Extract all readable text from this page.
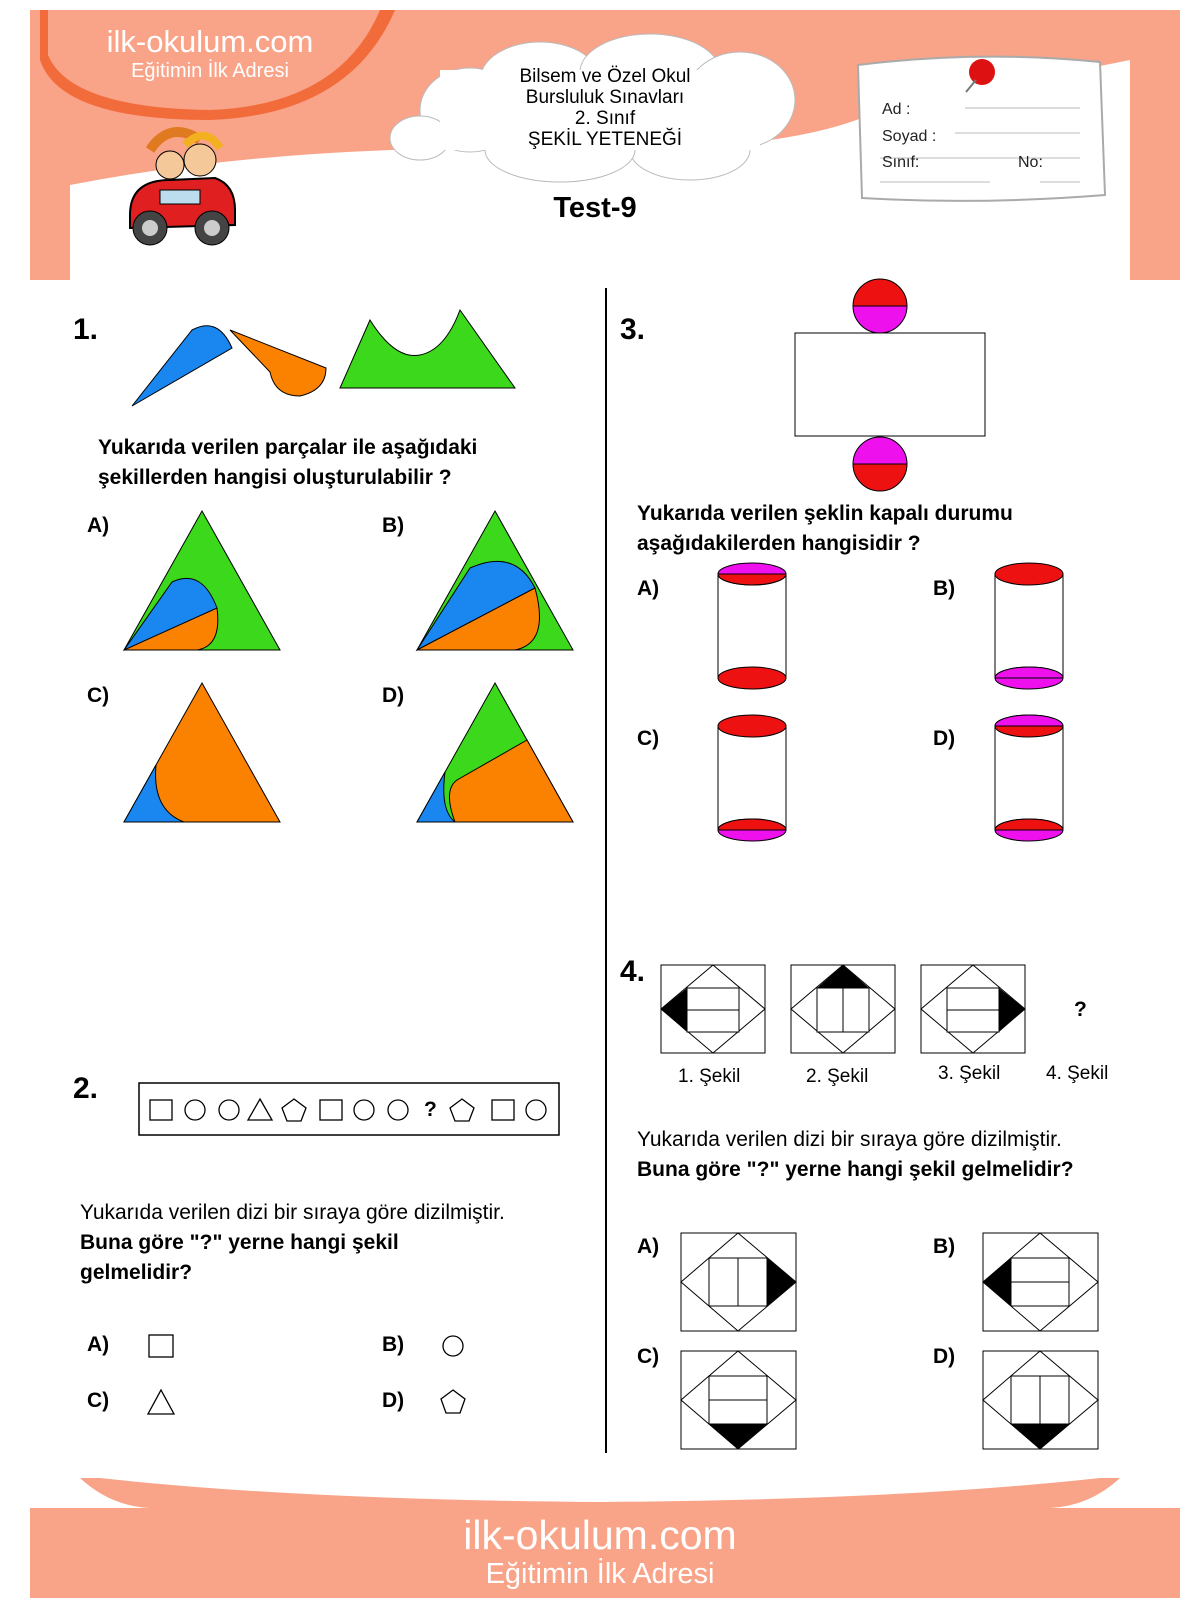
ilk-okulum.com
Eğitimin İlk Adresi	Bilsem ve Özel Okul
Bursluluk Sınavları
2. Sınıf
ŞEKİL YETENEĞİ
Test-9
Ad :
Soyad :
Sınıf:	No:
1.
Yukarıda verilen parçalar ile aşağıdaki
şekillerden hangisi oluşturulabilir ?
A)	B)
C)	D)
2.
?
Yukarıda verilen dizi bir sıraya göre dizilmiştir.
Buna göre "?" yerne hangi şekil
gelmelidir?
A)	B)
C)	D)
3.
Yukarıda verilen şeklin kapalı durumu
aşağıdakilerden hangisidir ?
A)	B)
C)	D)
4.
?
1. Şekil	2. Şekil	3. Şekil 4. Şekil
Yukarıda verilen dizi bir sıraya göre dizilmiştir.
Buna göre "?" yerne hangi şekil gelmelidir?
A)	B)
C)	D)
ilk-okulum.com
Eğitimin İlk Adresi
